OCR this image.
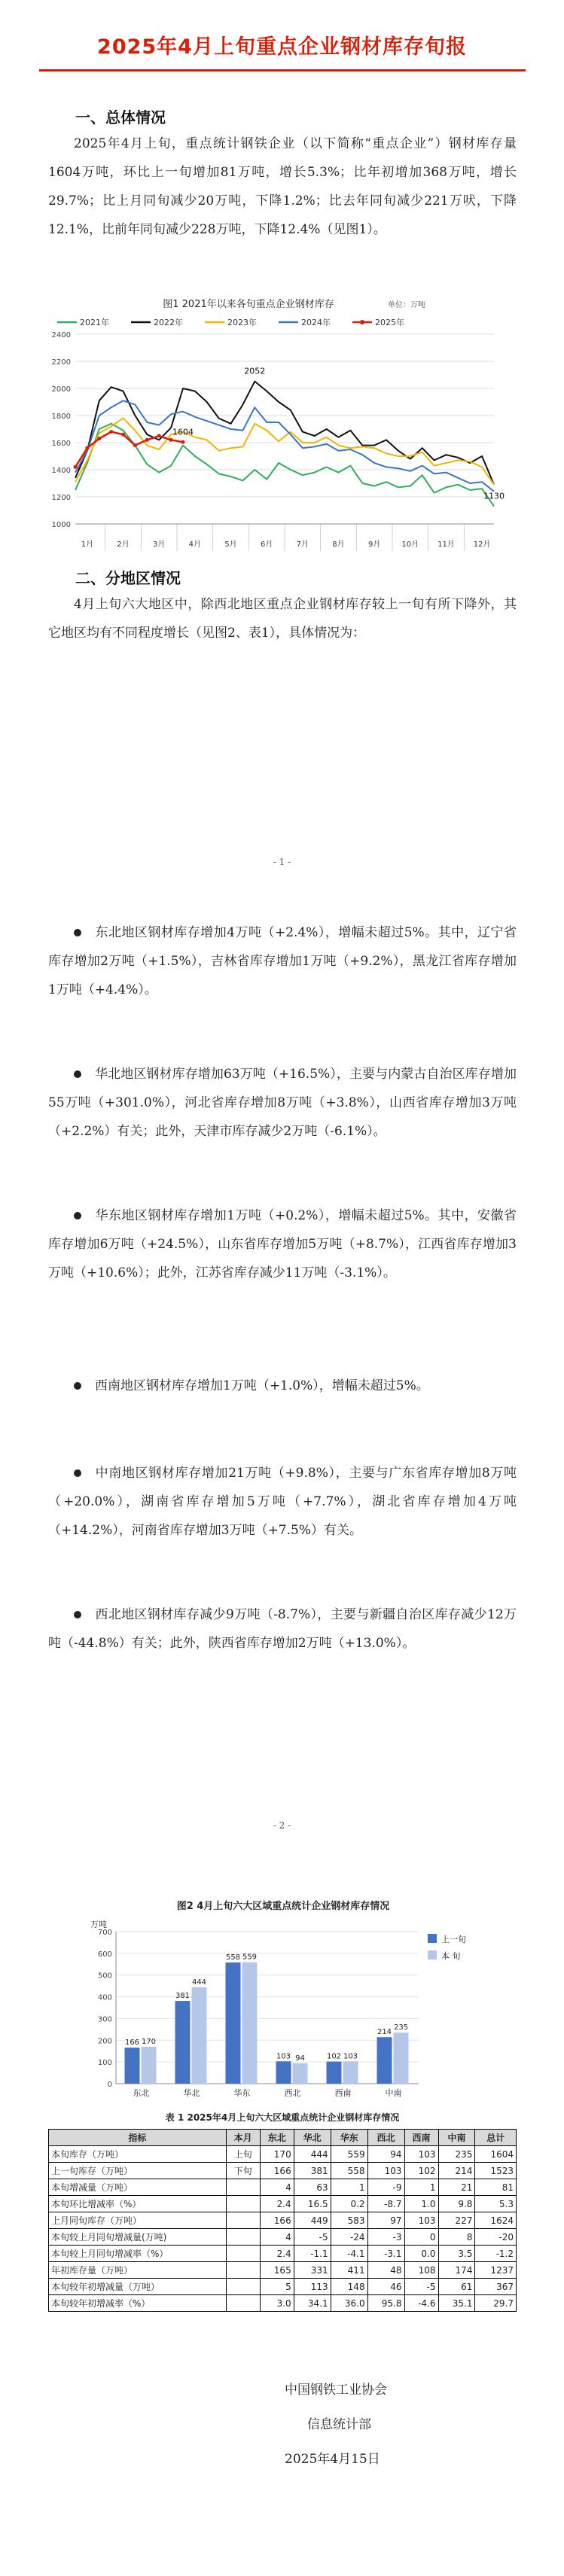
2025年4月上旬重点企业钢材库存旬报
一、总体情况
2025年4月上旬，重点统计钢铁企业（以下简称“重点企业”）钢材库存量1604万吨，环比上一旬增加81万吨，增长5.3%；比年初增加368万吨，增长29.7%；比上月同旬减少20万吨，下降1.2%；比去年同旬减少221万吠，下降12.1%，比前年同旬减少228万吨，下降12.4%（见图1）。
图1 2021年以来各旬重点企业钢材库存	单位：万吨
2021年	2022年	2023年	2024年	2025年
1000
1200
1400
1600
1800
2000
2200
2400
1月	2月	3月	4月	5月	6月	7月	8月	9月	10月 11月 12月
1604
2052
1130
二、分地区情况
4月上旬六大地区中，除西北地区重点企业钢材库存较上一旬有所下降外，其它地区均有不同程度增长（见图2、表1），具体情况为：
- 1 -
东北地区钢材库存增加4万吨（+2.4%），增幅未超过5%。其中，辽宁省库存增加2万吨（+1.5%），吉林省库存增加1万吨（+9.2%），黑龙江省库存增加1万吨（+4.4%）。
华北地区钢材库存增加63万吨（+16.5%），主要与内蒙古自治区库存增加55万吨（+301.0%），河北省库存增加8万吨（+3.8%），山西省库存增加3万吨（+2.2%）有关；此外，天津市库存减少2万吨（-6.1%）。
华东地区钢材库存增加1万吨（+0.2%），增幅未超过5%。其中，安徽省库存增加6万吨（+24.5%），山东省库存增加5万吨（+8.7%），江西省库存增加3万吨（+10.6%）；此外，江苏省库存减少11万吨（-3.1%）。
西南地区钢材库存增加1万吨（+1.0%），增幅未超过5%。
中南地区钢材库存增加21万吨（+9.8%），主要与广东省库存增加8万吨（+20.0%），湖南省库存增加5万吨（+7.7%），湖北省库存增加4万吨（+14.2%），河南省库存增加3万吨（+7.5%）有关。
西北地区钢材库存减少9万吨（-8.7%），主要与新疆自治区库存减少12万吨（-44.8%）有关；此外，陕西省库存增加2万吨（+13.0%）。
- 2 -
图2 4月上旬六大区域重点统计企业钢材库存情况
万吨
上一旬
本 旬
0
100
200
300
400
500
600
700
166 170
东北
381
444
华北
558 559
华东
103 94
西北
102 103
西南
214
235
中南
表 1 2025年4月上旬六大区域重点统计企业钢材库存情况
指标	本月	东北	华北	华东	西北	西南	中南	总计
本旬库存（万吨）	上旬	170	444	559	94	103	235	1604
上一旬库存（万吨）	下旬	166	381	558	103	102	214	1523
本旬增减量（万吨）		4	63	1	-9	1	21	81
本旬环比增减率（%）		2.4	16.5	0.2	-8.7	1.0	9.8	5.3
上月同旬库存（万吨）		166	449	583	97	103	227	1624
本旬较上月同旬增减量(万吨)		4	-5	-24	-3	0	8	-20
本旬较上月同旬增减率（%）		2.4	-1.1	-4.1	-3.1	0.0	3.5	-1.2
年初库存量（万吨）		165	331	411	48	108	174	1237
本旬较年初增减量（万吨）		5	113	148	46	-5	61	367
本旬较年初增减率（%）		3.0	34.1	36.0	95.8	-4.6	35.1	29.7
中国钢铁工业协会
信息统计部
2025年4月15日
